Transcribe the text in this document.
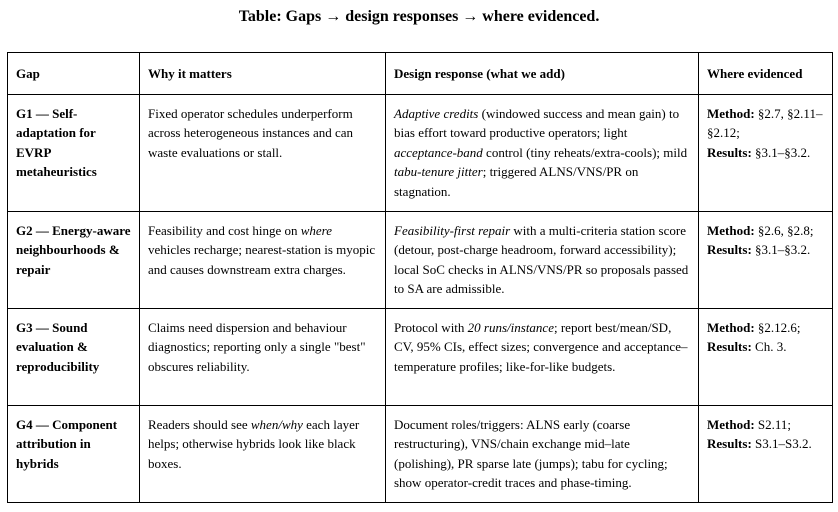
Table: Gaps → design responses → where evidenced.
Gap	Why it matters	Design response (what we add)	Where evidenced
G1 — Self-adaptation for EVRP metaheuristics	Fixed operator schedules underperform across heterogeneous instances and can waste evaluations or stall.	Adaptive credits (windowed success and mean gain) to bias effort toward productive operators; light acceptance-band control (tiny reheats/extra-cools); mild tabu-tenure jitter; triggered ALNS/VNS/PR on stagnation.	Method: §2.7, §2.11–§2.12;
Results: §3.1–§3.2.
G2 — Energy-aware neighbourhoods & repair	Feasibility and cost hinge on where vehicles recharge; nearest-station is myopic and causes downstream extra charges.	Feasibility-first repair with a multi-criteria station score (detour, post-charge headroom, forward accessibility); local SoC checks in ALNS/VNS/PR so proposals passed to SA are admissible.	Method: §2.6, §2.8;
Results: §3.1–§3.2.
G3 — Sound evaluation & reproducibility	Claims need dispersion and behaviour diagnostics; reporting only a single "best" obscures reliability.	Protocol with 20 runs/instance; report best/mean/SD, CV, 95% CIs, effect sizes; convergence and acceptance–temperature profiles; like-for-like budgets.	Method: §2.12.6;
Results: Ch. 3.
G4 — Component attribution in hybrids	Readers should see when/why each layer helps; otherwise hybrids look like black boxes.	Document roles/triggers: ALNS early (coarse restructuring), VNS/chain exchange mid–late (polishing), PR sparse late (jumps); tabu for cycling; show operator-credit traces and phase-timing.	Method: S2.11;
Results: S3.1–S3.2.
